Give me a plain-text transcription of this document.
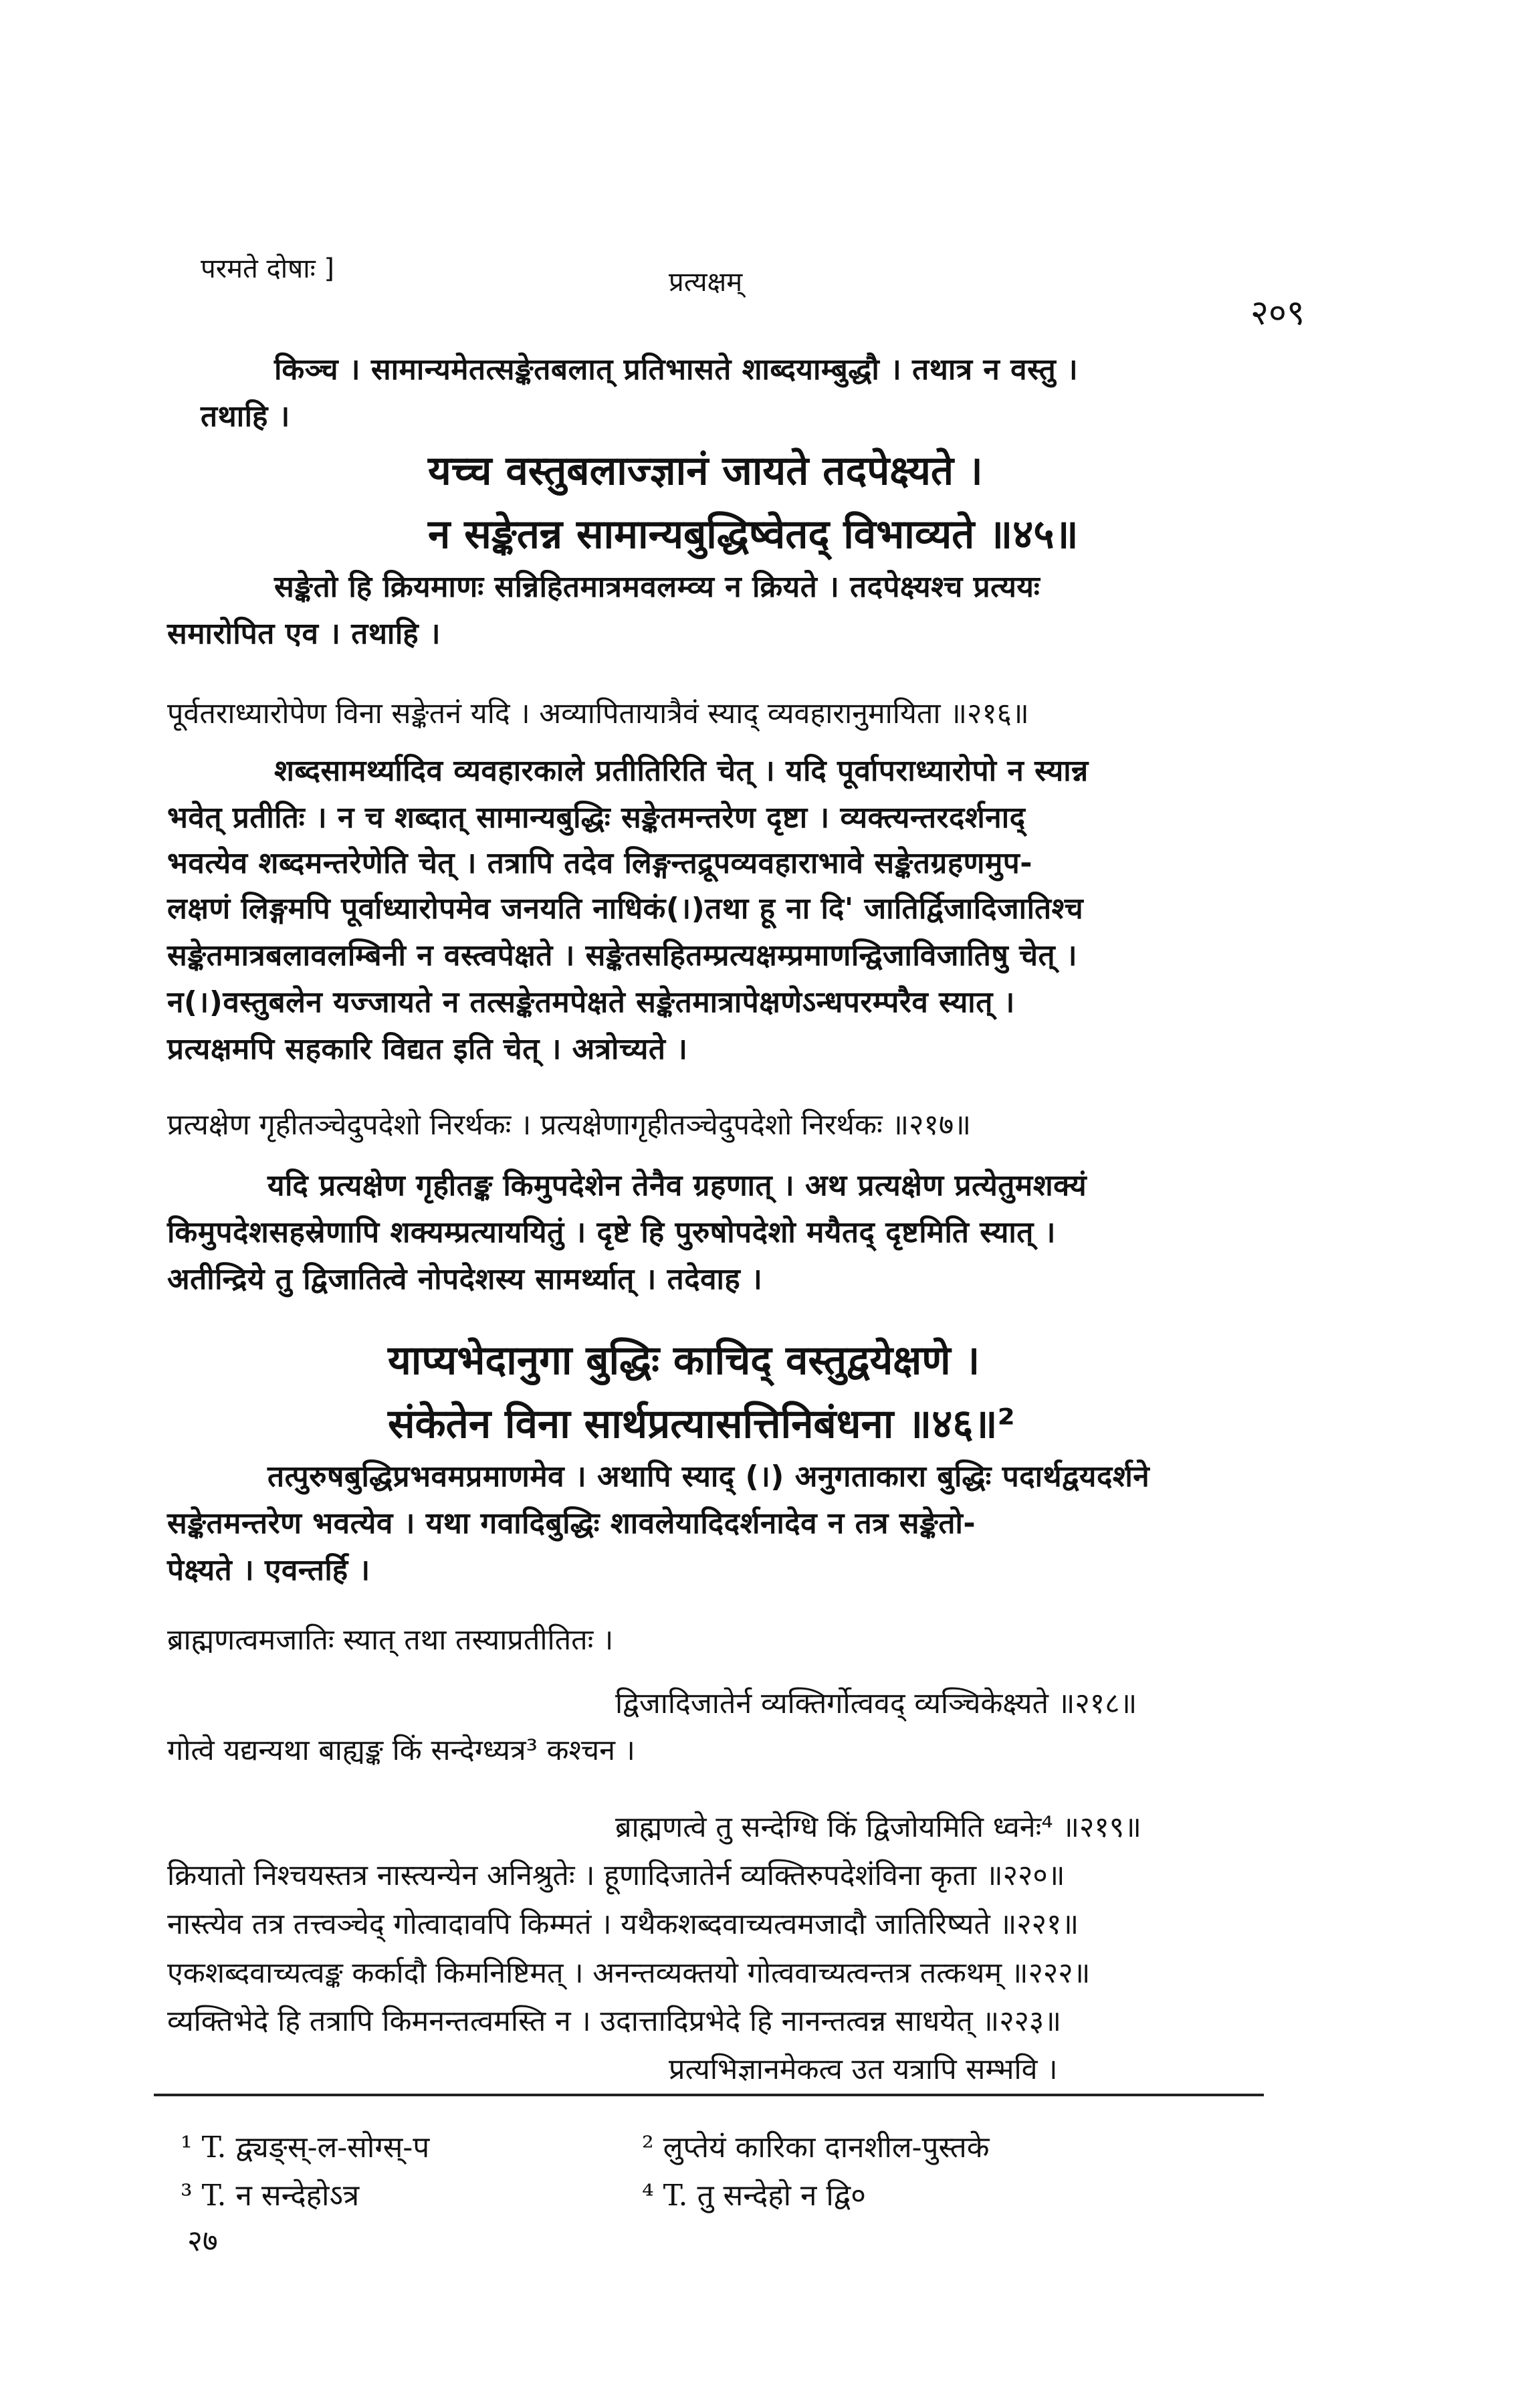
परमते दोषाः ]	प्रत्यक्षम्
२०९
किञ्च । सामान्यमेतत्सङ्केतबलात् प्रतिभासते शाब्दयाम्बुद्धौ । तथात्र न वस्तु ।
तथाहि ।
यच्च वस्तुबलाज्ज्ञानं जायते तदपेक्ष्यते ।
न सङ्केतन्न सामान्यबुद्धिष्वेतद् विभाव्यते ॥४५॥
सङ्केतो हि क्रियमाणः सन्निहितमात्रमवलम्व्य न क्रियते । तदपेक्ष्यश्च प्रत्ययः
समारोपित एव । तथाहि ।
पूर्वतराध्यारोपेण विना सङ्केतनं यदि । अव्यापितायात्रैवं स्याद् व्यवहारानुमायिता ॥२१६॥
शब्दसामर्थ्यादिव व्यवहारकाले प्रतीतिरिति चेत् । यदि पूर्वापराध्यारोपो न स्यान्न
भवेत् प्रतीतिः । न च शब्दात् सामान्यबुद्धिः सङ्केतमन्तरेण दृष्टा । व्यक्त्यन्तरदर्शनाद्
भवत्येव शब्दमन्तरेणेति चेत् । तत्रापि तदेव लिङ्गन्तद्रूपव्यवहाराभावे सङ्केतग्रहणमुप-
लक्षणं लिङ्गमपि पूर्वाध्यारोपमेव जनयति नाधिकं(।)तथा हू ना दि' जातिर्द्विजादिजातिश्च
सङ्केतमात्रबलावलम्बिनी न वस्त्वपेक्षते । सङ्केतसहितम्प्रत्यक्षम्प्रमाणन्द्विजाविजातिषु चेत् ।
न(।)वस्तुबलेन यज्जायते न तत्सङ्केतमपेक्षते सङ्केतमात्रापेक्षणेऽन्धपरम्परैव स्यात् ।
प्रत्यक्षमपि सहकारि विद्यत इति चेत् । अत्रोच्यते ।
प्रत्यक्षेण गृहीतञ्चेदुपदेशो निरर्थकः । प्रत्यक्षेणागृहीतञ्चेदुपदेशो निरर्थकः ॥२१७॥
यदि प्रत्यक्षेण गृहीतङ्क किमुपदेशेन तेनैव ग्रहणात् । अथ प्रत्यक्षेण प्रत्येतुमशक्यं
किमुपदेशसहस्रेणापि शक्यम्प्रत्याययितुं । दृष्टे हि पुरुषोपदेशो मयैतद् दृष्टमिति स्यात् ।
अतीन्द्रिये तु द्विजातित्वे नोपदेशस्य सामर्थ्यात् । तदेवाह ।
याप्यभेदानुगा बुद्धिः काचिद् वस्तुद्वयेक्षणे ।
संकेतेन विना सार्थप्रत्यासत्तिनिबंधना ॥४६॥²
तत्पुरुषबुद्धिप्रभवमप्रमाणमेव । अथापि स्याद् (।) अनुगताकारा बुद्धिः पदार्थद्वयदर्शने
सङ्केतमन्तरेण भवत्येव । यथा गवादिबुद्धिः शावलेयादिदर्शनादेव न तत्र सङ्केतो-
पेक्ष्यते । एवन्तर्हि ।
ब्राह्मणत्वमजातिः स्यात् तथा तस्याप्रतीतितः ।
द्विजादिजातेर्न व्यक्तिर्गोत्ववद् व्यञ्चिकेक्ष्यते ॥२१८॥
गोत्वे यद्यन्यथा बाह्यङ्क किं सन्देग्ध्यत्र³ कश्चन ।
ब्राह्मणत्वे तु सन्देग्धि किं द्विजोयमिति ध्वनेः⁴ ॥२१९॥
क्रियातो निश्चयस्तत्र नास्त्यन्येन अनिश्रुतेः । हूणादिजातेर्न व्यक्तिरुपदेशंविना कृता ॥२२०॥
नास्त्येव तत्र तत्त्वञ्चेद् गोत्वादावपि किम्मतं । यथैकशब्दवाच्यत्वमजादौ जातिरिष्यते ॥२२१॥
एकशब्दवाच्यत्वङ्क कर्कादौ किमनिष्टिमत् । अनन्तव्यक्तयो गोत्ववाच्यत्वन्तत्र तत्कथम् ॥२२२॥
व्यक्तिभेदे हि तत्रापि किमनन्तत्वमस्ति न । उदात्तादिप्रभेदे हि नानन्तत्वन्न साधयेत् ॥२२३॥
प्रत्यभिज्ञानमेकत्व उत यत्रापि सम्भवि ।
¹ T. द्व्यङ्स्-ल-सोग्स्-प	² लुप्तेयं कारिका दानशील-पुस्तके
³ T. न सन्देहोऽत्र	⁴ T. तु सन्देहो न द्वि०
२७
